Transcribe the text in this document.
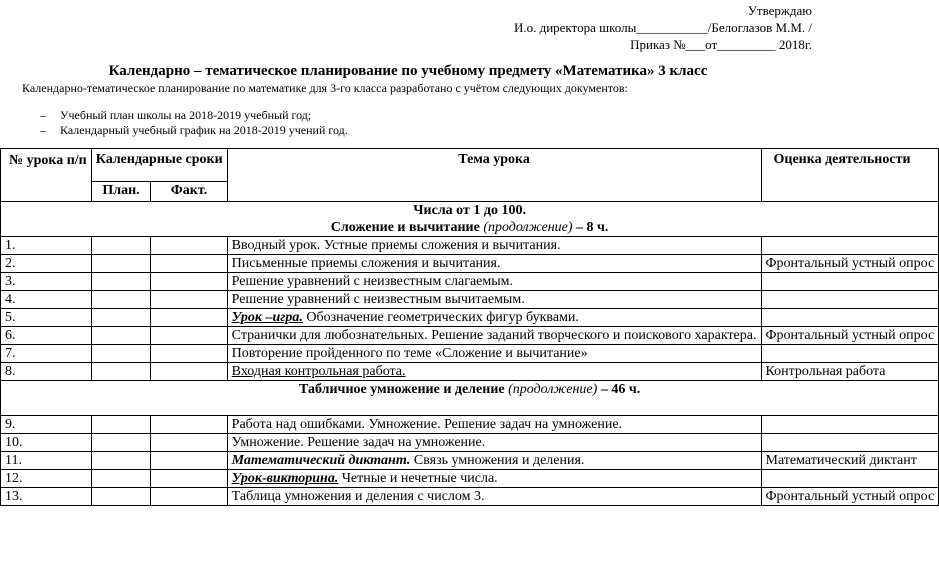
Утверждаю
И.о. директора школы___________/Белоглазов М.М. /
Приказ №___от_________ 2018г.
Календарно – тематическое планирование по учебному предмету «Математика» 3 класс
Календарно-тематическое планирование по математике для 3-го класса разработано с учётом следующих документов:
– Учебный план школы на 2018-2019 учебный год;
– Календарный учебный график на 2018-2019 учений год.
№ урока п/п	Календарные сроки		Тема урока	Оценка деятельности
	План.	Факт.		

Числа от 1 до 100.
Сложение и вычитание (продолжение) – 8 ч.				

1.			Вводный урок. Устные приемы сложения и вычитания.	
2.			Письменные приемы сложения и вычитания.	Фронтальный устный опрос
3.			Решение уравнений с неизвестным слагаемым.	
4.			Решение уравнений с неизвестным вычитаемым.	
5.			Урок –игра. Обозначение геометрических фигур буквами.	
6.			Странички для любознательных. Решение заданий творческого и поискового характера.	Фронтальный устный опрос
7.			Повторение пройденного по теме «Сложение и вычитание»	
8.			Входная контрольная работа.	Контрольная работа

Табличное умножение и деление (продолжение) – 46 ч.				

9.			Работа над ошибками. Умножение. Решение задач на умножение.	
10.			Умножение. Решение задач на умножение.	
11.			Математический диктант. Связь умножения и деления.	Математический диктант
12.			Урок-викторина. Четные и нечетные числа.	
13.			Таблица умножения и деления с числом 3.	Фронтальный устный опрос
